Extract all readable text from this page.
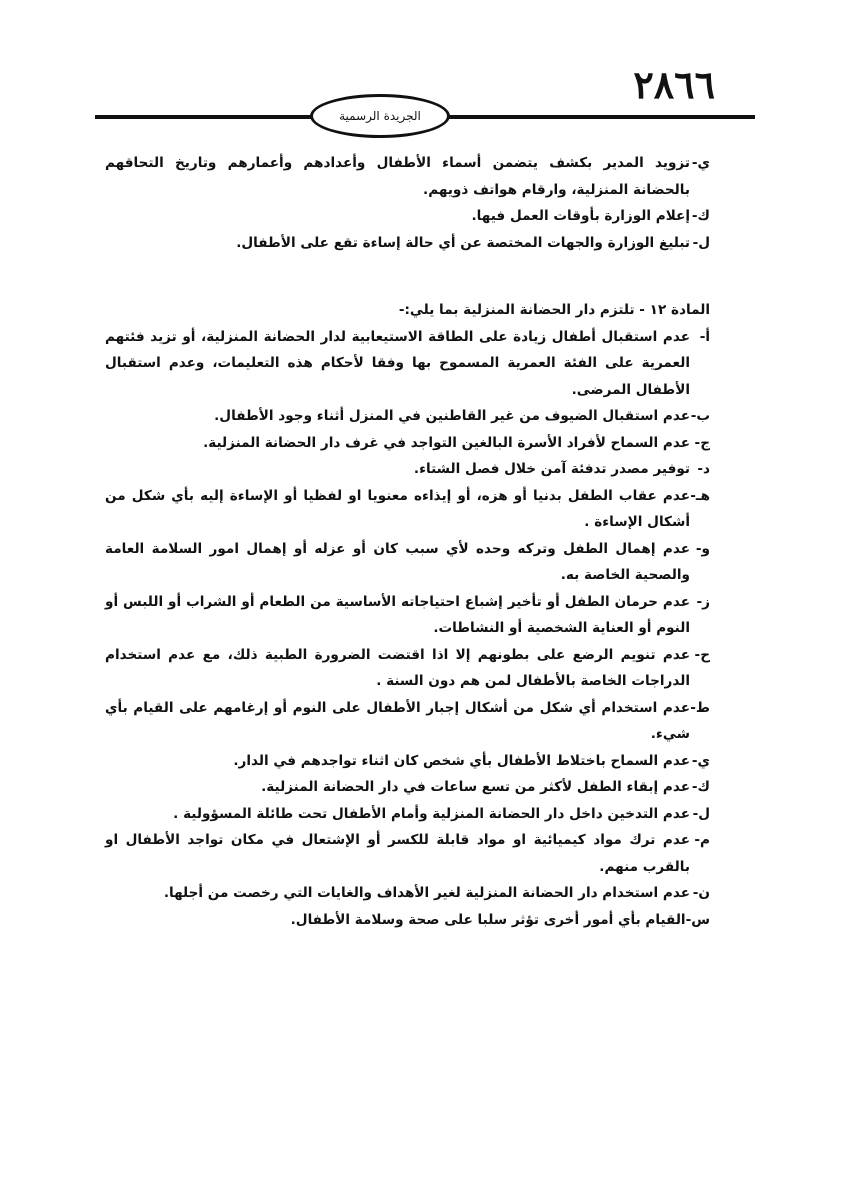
٢٨٦٦
الجريدة الرسمية
ي-
تزويد المدير بكشف يتضمن أسماء الأطفال وأعدادهم وأعمارهم وتاريخ التحاقهم بالحضانة المنزلية، وارقام هواتف ذويهم.
ك-
إعلام الوزارة بأوقات العمل فيها.
ل-
تبليغ الوزارة والجهات المختصة عن أي حالة إساءة تقع على الأطفال.
المادة ١٢ - تلتزم دار الحضانة المنزلية بما يلي:-
أ-
عدم استقبال أطفال زيادة على الطاقة الاستيعابية لدار الحضانة المنزلية، أو تزيد فئتهم العمرية على الفئة العمرية المسموح بها وفقا لأحكام هذه التعليمات، وعدم استقبال الأطفال المرضى.
ب-
عدم استقبال الضيوف من غير القاطنين في المنزل أثناء وجود الأطفال.
ج-
عدم السماح لأفراد الأسرة البالغين التواجد في غرف دار الحضانة المنزلية.
د-
توفير مصدر تدفئة آمن خلال فصل الشتاء.
هـ-
عدم عقاب الطفل بدنيا أو هزه، أو إيذاءه معنويا او لفظيا أو الإساءة إليه بأي شكل من أشكال الإساءة .
و-
عدم إهمال الطفل وتركه وحده لأي سبب كان أو عزله أو إهمال امور السلامة العامة والصحية الخاصة به.
ز-
عدم حرمان الطفل أو تأخير إشباع احتياجاته الأساسية من الطعام أو الشراب أو اللبس أو النوم أو العناية الشخصية أو النشاطات.
ح-
عدم تنويم الرضع على بطونهم إلا اذا اقتضت الضرورة الطبية ذلك، مع عدم استخدام الدراجات الخاصة بالأطفال لمن هم دون السنة .
ط-
عدم استخدام أي شكل من أشكال إجبار الأطفال على النوم أو إرغامهم على القيام بأي شيء.
ي-
عدم السماح باختلاط الأطفال بأي شخص كان اثناء تواجدهم في الدار.
ك-
عدم إبقاء الطفل لأكثر من تسع ساعات في دار الحضانة المنزلية.
ل-
عدم التدخين داخل دار الحضانة المنزلية وأمام الأطفال تحت طائلة المسؤولية .
م-
عدم ترك مواد كيميائية او مواد قابلة للكسر أو الإشتعال في مكان تواجد الأطفال او بالقرب منهم.
ن-
عدم استخدام دار الحضانة المنزلية لغير الأهداف والغايات التي رخصت من أجلها.
س-
القيام بأي أمور أخرى تؤثر سلبا على صحة وسلامة الأطفال.
